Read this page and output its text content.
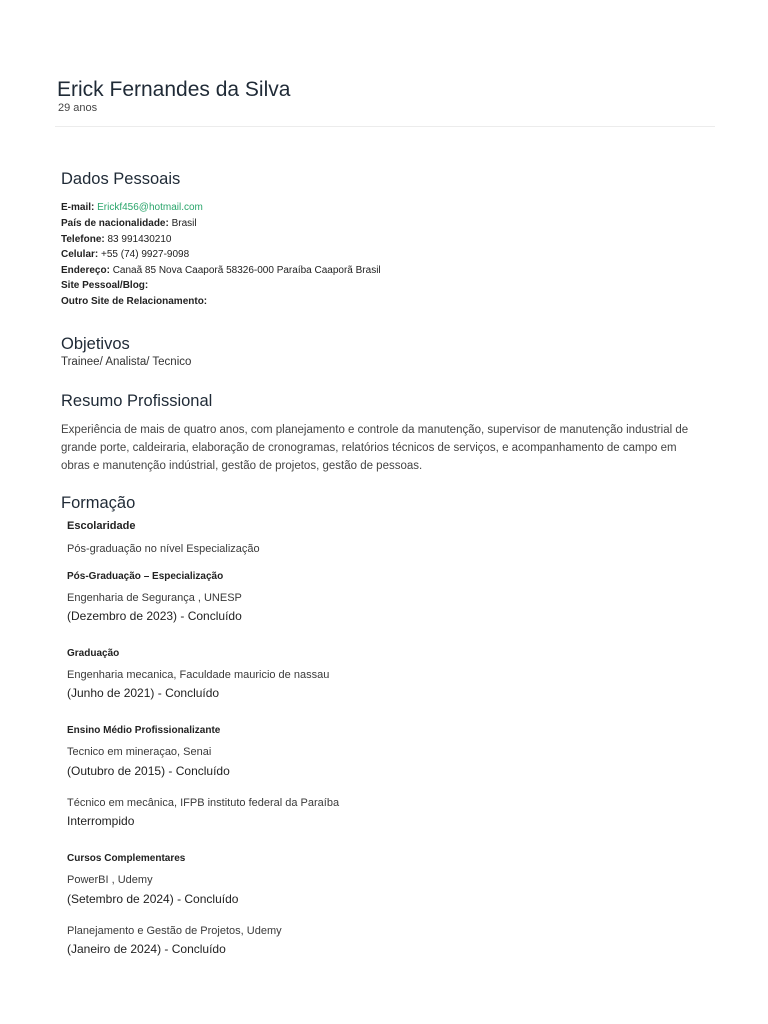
Erick Fernandes da Silva
29 anos
Dados Pessoais
E-mail: Erickf456@hotmail.com
País de nacionalidade: Brasil
Telefone: 83 991430210
Celular: +55 (74) 9927-9098
Endereço: Canaã 85 Nova Caaporã 58326-000 Paraíba Caaporã Brasil
Site Pessoal/Blog:
Outro Site de Relacionamento:
Objetivos
Trainee/ Analista/ Tecnico
Resumo Profissional
Experiência de mais de quatro anos, com planejamento e controle da manutenção, supervisor de manutenção industrial de grande porte, caldeiraria, elaboração de cronogramas, relatórios técnicos de serviços, e acompanhamento de campo em obras e manutenção indústrial, gestão de projetos, gestão de pessoas.
Formação
Escolaridade
Pós-graduação no nível Especialização
Pós-Graduação – Especialização
Engenharia de Segurança , UNESP
(Dezembro de 2023) - Concluído
Graduação
Engenharia mecanica, Faculdade mauricio de nassau
(Junho de 2021) - Concluído
Ensino Médio Profissionalizante
Tecnico em mineraçao, Senai
(Outubro de 2015) - Concluído
Técnico em mecânica, IFPB instituto federal da Paraíba
Interrompido
Cursos Complementares
PowerBI , Udemy
(Setembro de 2024) - Concluído
Planejamento e Gestão de Projetos, Udemy
(Janeiro de 2024) - Concluído
